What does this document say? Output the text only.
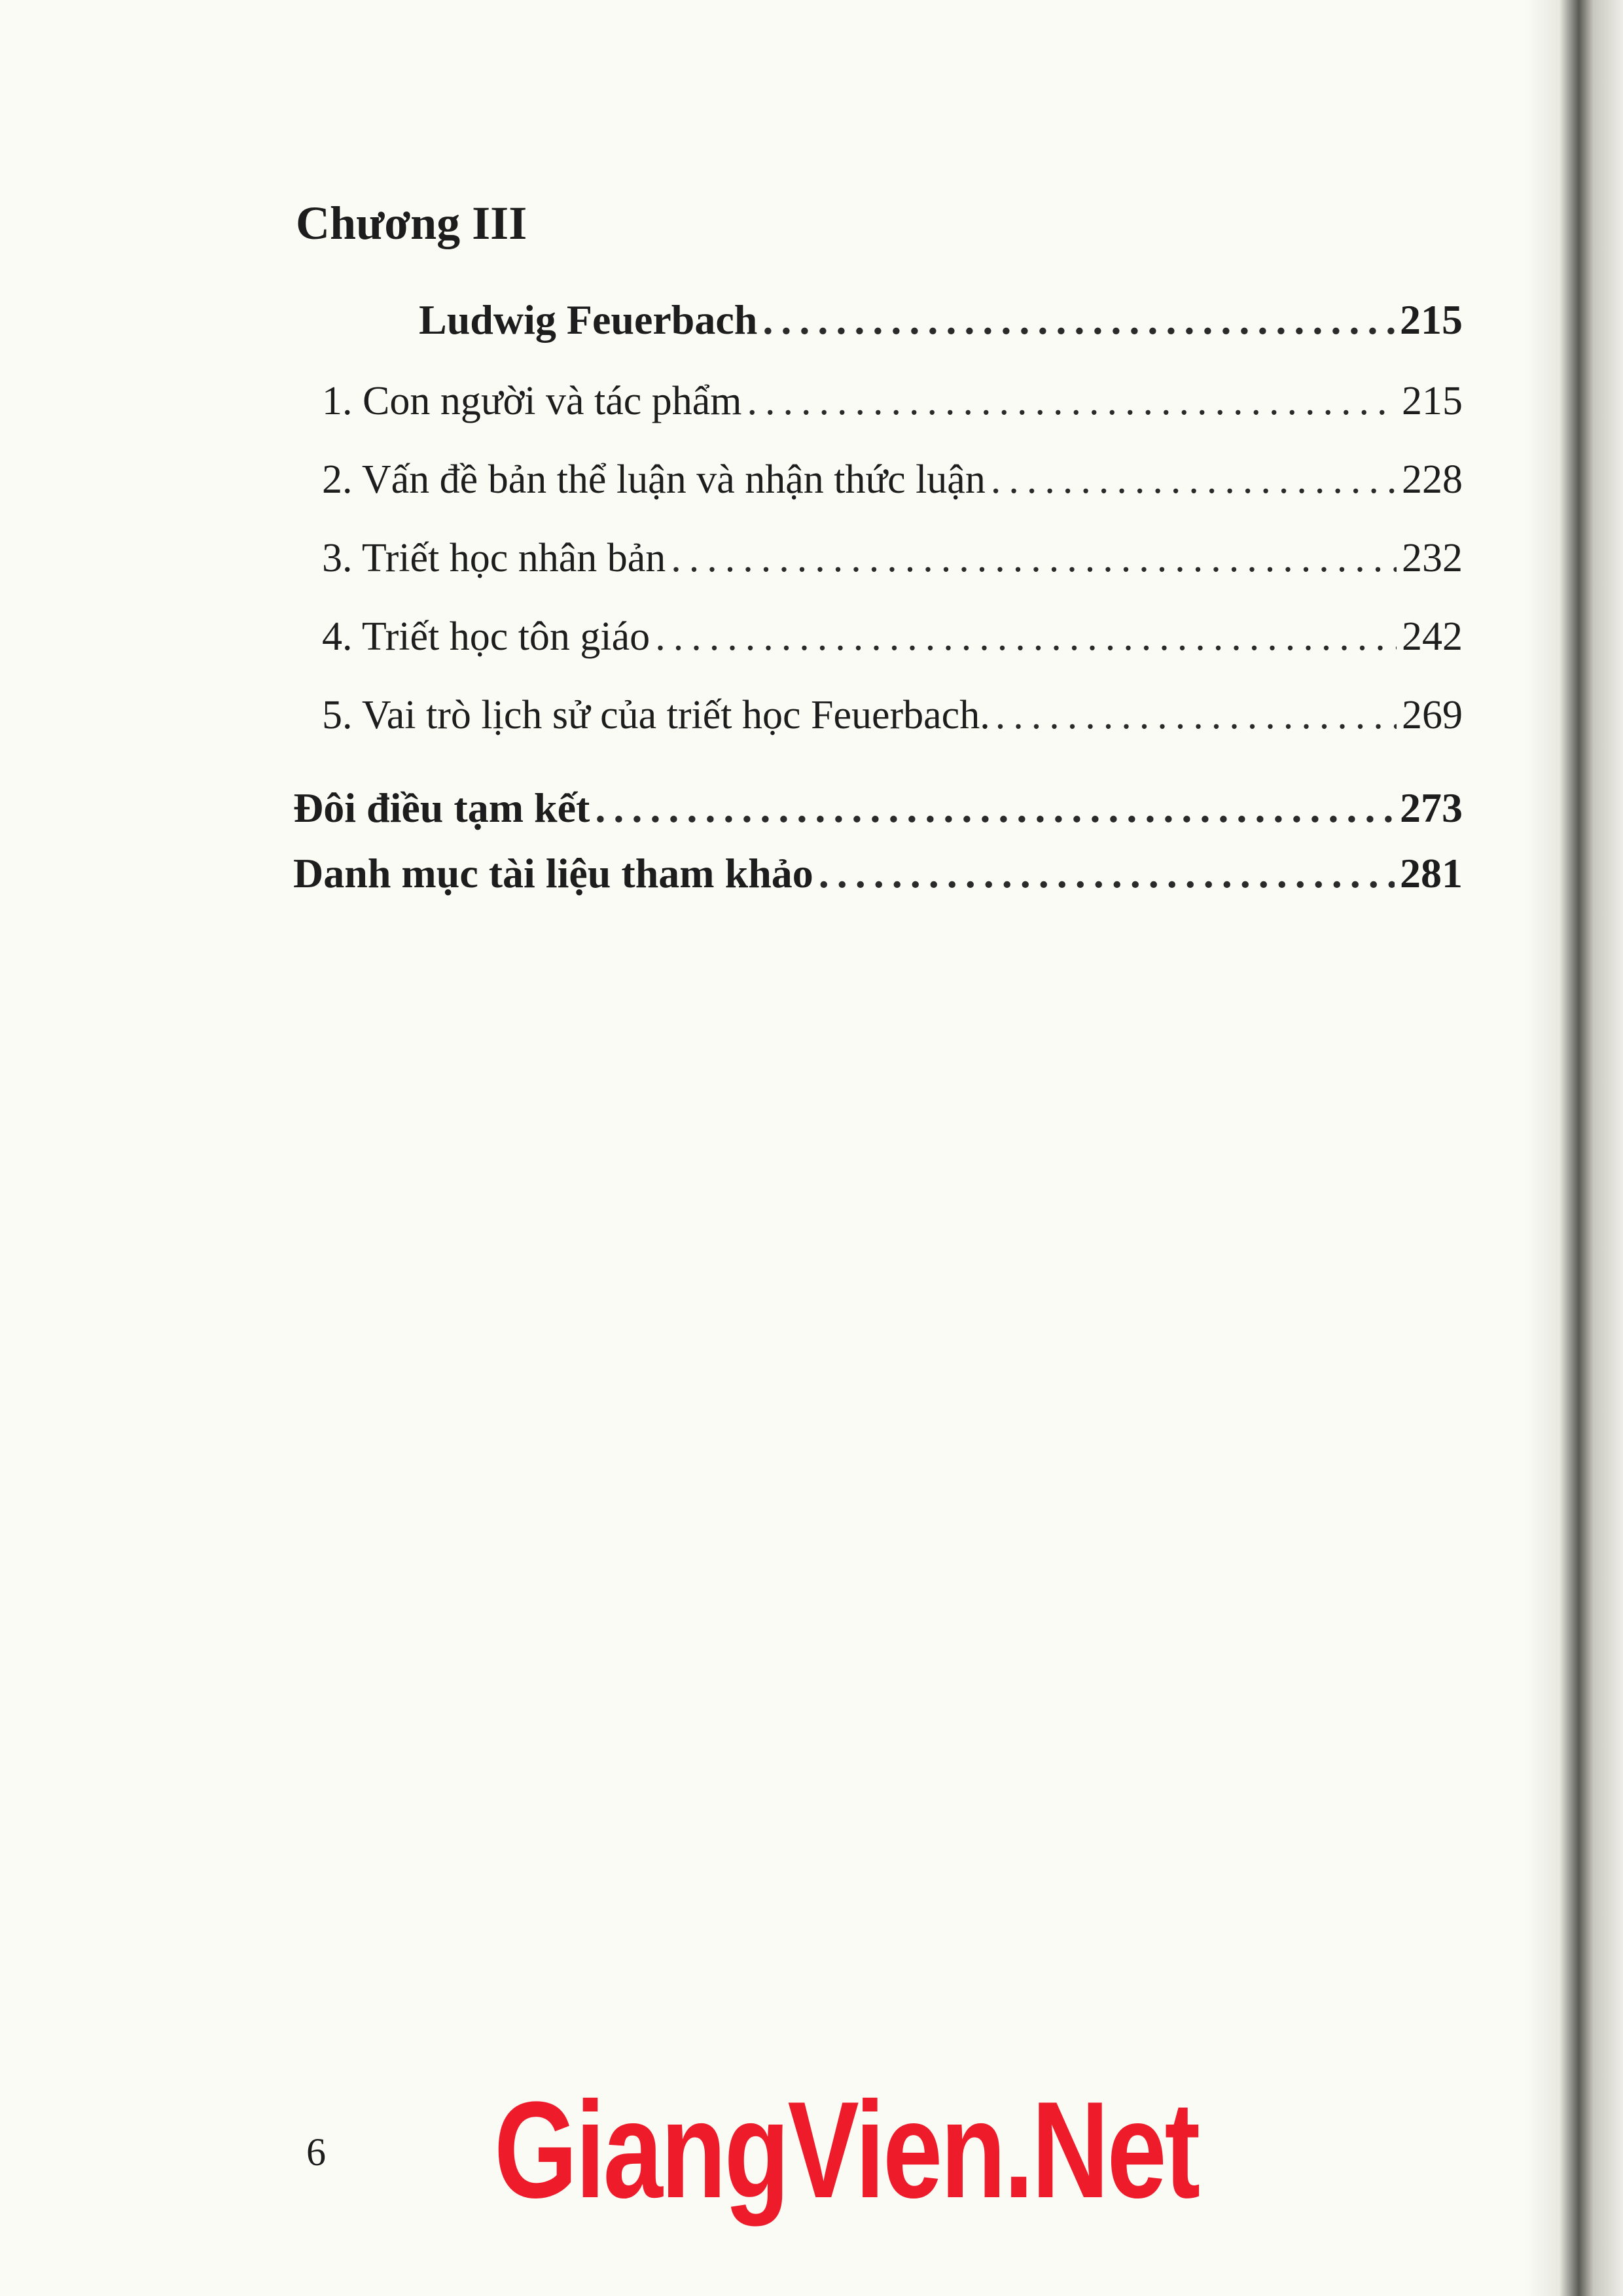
Chương III
Ludwig Feuerbach .....	215
1. Con người và tác phẩm .....	215
2. Vấn đề bản thể luận và nhận thức luận .....	228
3. Triết học nhân bản .....	232
4. Triết học tôn giáo .....	242
5. Vai trò lịch sử của triết học Feuerbach. .....	269
Đôi điều tạm kết .....	273
Danh mục tài liệu tham khảo .....	281
6 GiangVien.Net
